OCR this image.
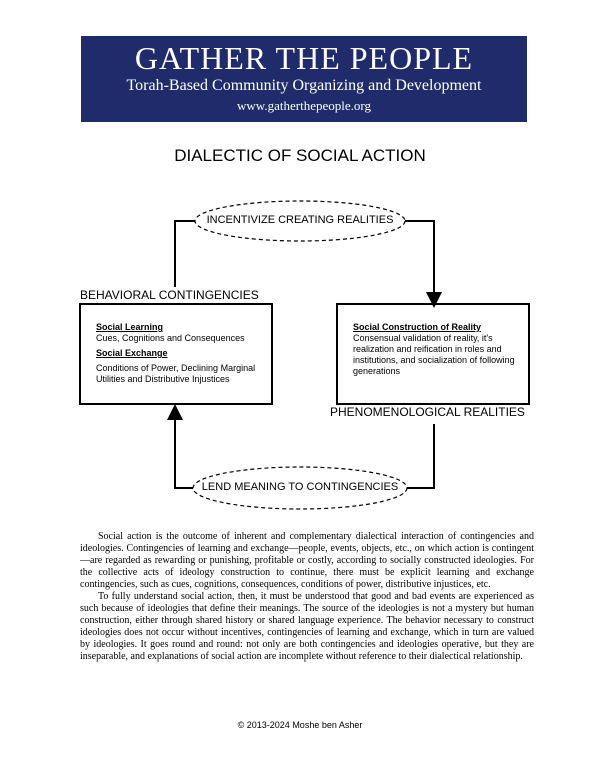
GATHER THE PEOPLE
Torah-Based Community Organizing and Development
www.gatherthepeople.org
DIALECTIC OF SOCIAL ACTION
INCENTIVIZE CREATING REALITIES
LEND MEANING TO CONTINGENCIES
BEHAVIORAL CONTINGENCIES
PHENOMENOLOGICAL REALITIES
Social Learning
Cues, Cognitions and Consequences
Social Exchange
Conditions of Power, Declining Marginal Utilities and Distributive Injustices
Social Construction of Reality
Consensual validation of reality, it's realization and reification in roles and institutions, and socialization of following generations

Social action is the outcome of inherent and complementary dialectical interaction of contingencies and ideologies. Contingencies of learning and exchange—people, events, objects, etc., on which action is contingent—are regarded as rewarding or punishing, profitable or costly, according to socially constructed ideologies. For the collective acts of ideology construction to continue, there must be explicit learning and exchange contingencies, such as cues, cognitions, consequences, conditions of power, distributive injustices, etc.

To fully understand social action, then, it must be understood that good and bad events are experienced as such because of ideologies that define their meanings. The source of the ideologies is not a mystery but human construction, either through shared history or shared language experience. The behavior necessary to construct ideologies does not occur without incentives, contingencies of learning and exchange, which in turn are valued by ideologies. It goes round and round: not only are both contingencies and ideologies operative, but they are inseparable, and explanations of social action are incomplete without reference to their dialectical relationship.

© 2013-2024 Moshe ben Asher
